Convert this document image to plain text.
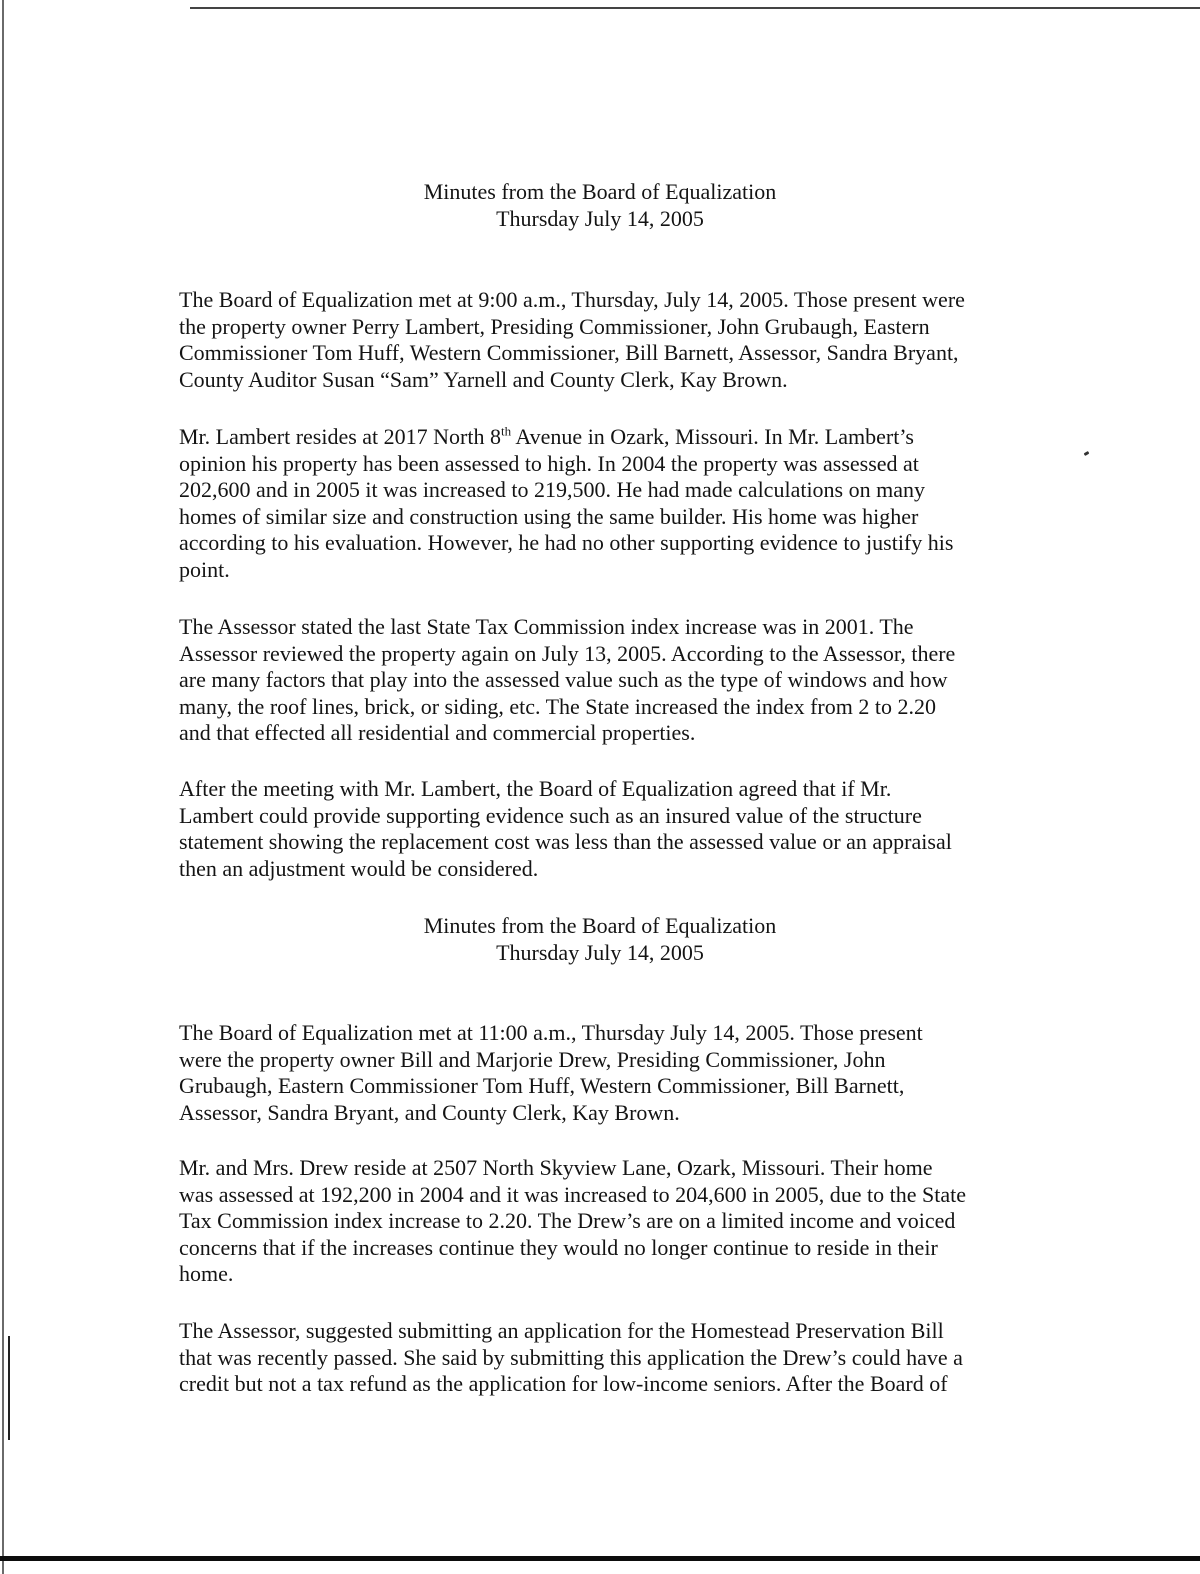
Minutes from the Board of Equalization
Thursday July 14, 2005

The Board of Equalization met at 9:00 a.m., Thursday, July 14, 2005. Those present were
the property owner Perry Lambert, Presiding Commissioner, John Grubaugh, Eastern
Commissioner Tom Huff, Western Commissioner, Bill Barnett, Assessor, Sandra Bryant,
County Auditor Susan “Sam” Yarnell and County Clerk, Kay Brown.

Mr. Lambert resides at 2017 North 8th Avenue in Ozark, Missouri. In Mr. Lambert’s
opinion his property has been assessed to high. In 2004 the property was assessed at
202,600 and in 2005 it was increased to 219,500. He had made calculations on many
homes of similar size and construction using the same builder. His home was higher
according to his evaluation. However, he had no other supporting evidence to justify his
point.

The Assessor stated the last State Tax Commission index increase was in 2001. The
Assessor reviewed the property again on July 13, 2005. According to the Assessor, there
are many factors that play into the assessed value such as the type of windows and how
many, the roof lines, brick, or siding, etc. The State increased the index from 2 to 2.20
and that effected all residential and commercial properties.

After the meeting with Mr. Lambert, the Board of Equalization agreed that if Mr.
Lambert could provide supporting evidence such as an insured value of the structure
statement showing the replacement cost was less than the assessed value or an appraisal
then an adjustment would be considered.

Minutes from the Board of Equalization
Thursday July 14, 2005

The Board of Equalization met at 11:00 a.m., Thursday July 14, 2005. Those present
were the property owner Bill and Marjorie Drew, Presiding Commissioner, John
Grubaugh, Eastern Commissioner Tom Huff, Western Commissioner, Bill Barnett,
Assessor, Sandra Bryant, and County Clerk, Kay Brown.

Mr. and Mrs. Drew reside at 2507 North Skyview Lane, Ozark, Missouri. Their home
was assessed at 192,200 in 2004 and it was increased to 204,600 in 2005, due to the State
Tax Commission index increase to 2.20. The Drew’s are on a limited income and voiced
concerns that if the increases continue they would no longer continue to reside in their
home.

The Assessor, suggested submitting an application for the Homestead Preservation Bill
that was recently passed. She said by submitting this application the Drew’s could have a
credit but not a tax refund as the application for low-income seniors. After the Board of
